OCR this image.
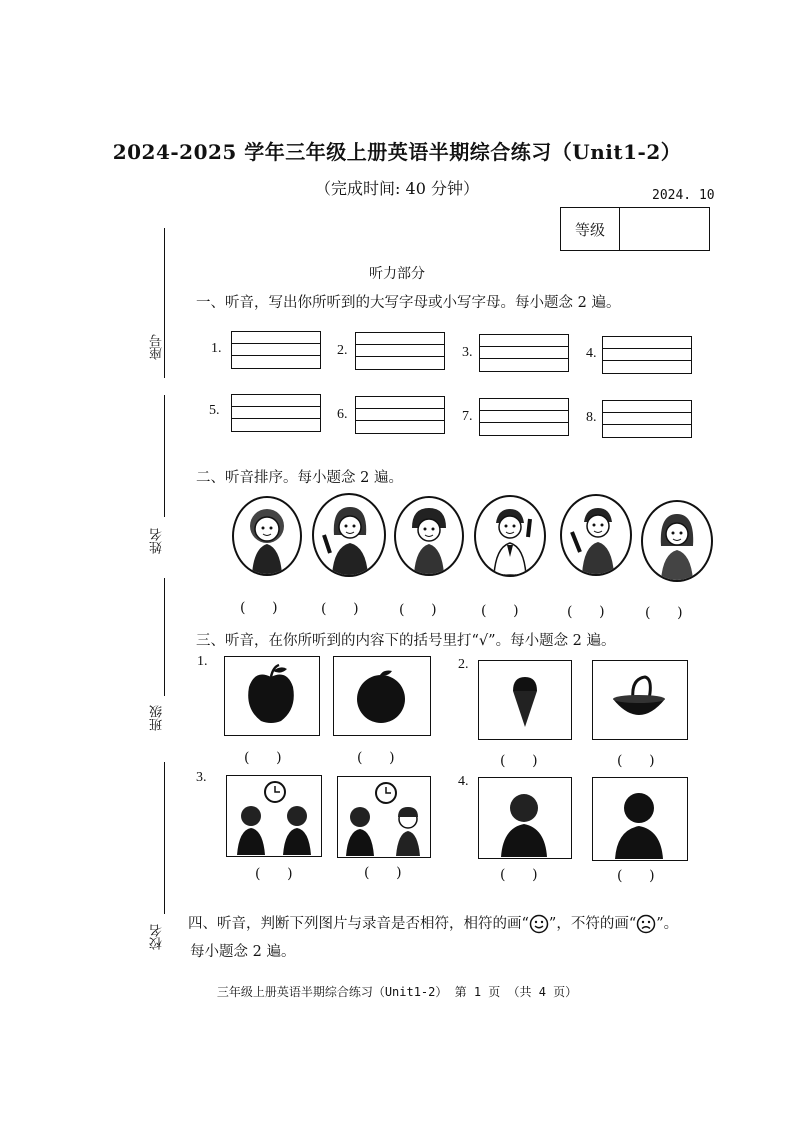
2024-2025 学年三年级上册英语半期综合练习（Unit1-2）
（完成时间: 40 分钟）	2024. 10
等级
座号
姓名
班级
校名
听力部分
一、听音，写出你所听到的大写字母或小写字母。每小题念 2 遍。
1.	2.	3.	4.
5.	6.	7.	8.
二、听音排序。每小题念 2 遍。
(      )	(      )	(      )	(      )	(      )	(      )
三、听音，在你所听到的内容下的括号里打“√”。每小题念 2 遍。
1.
(      )	(      )
2.
(      )	(      )
3.
(      )	(      )
4.
(      )	(      )
四、听音，判断下列图片与录音是否相符，相符的画“ ”，不符的画“ ”。
每小题念 2 遍。
三年级上册英语半期综合练习（Unit1-2） 第 1 页 （共 4 页）
